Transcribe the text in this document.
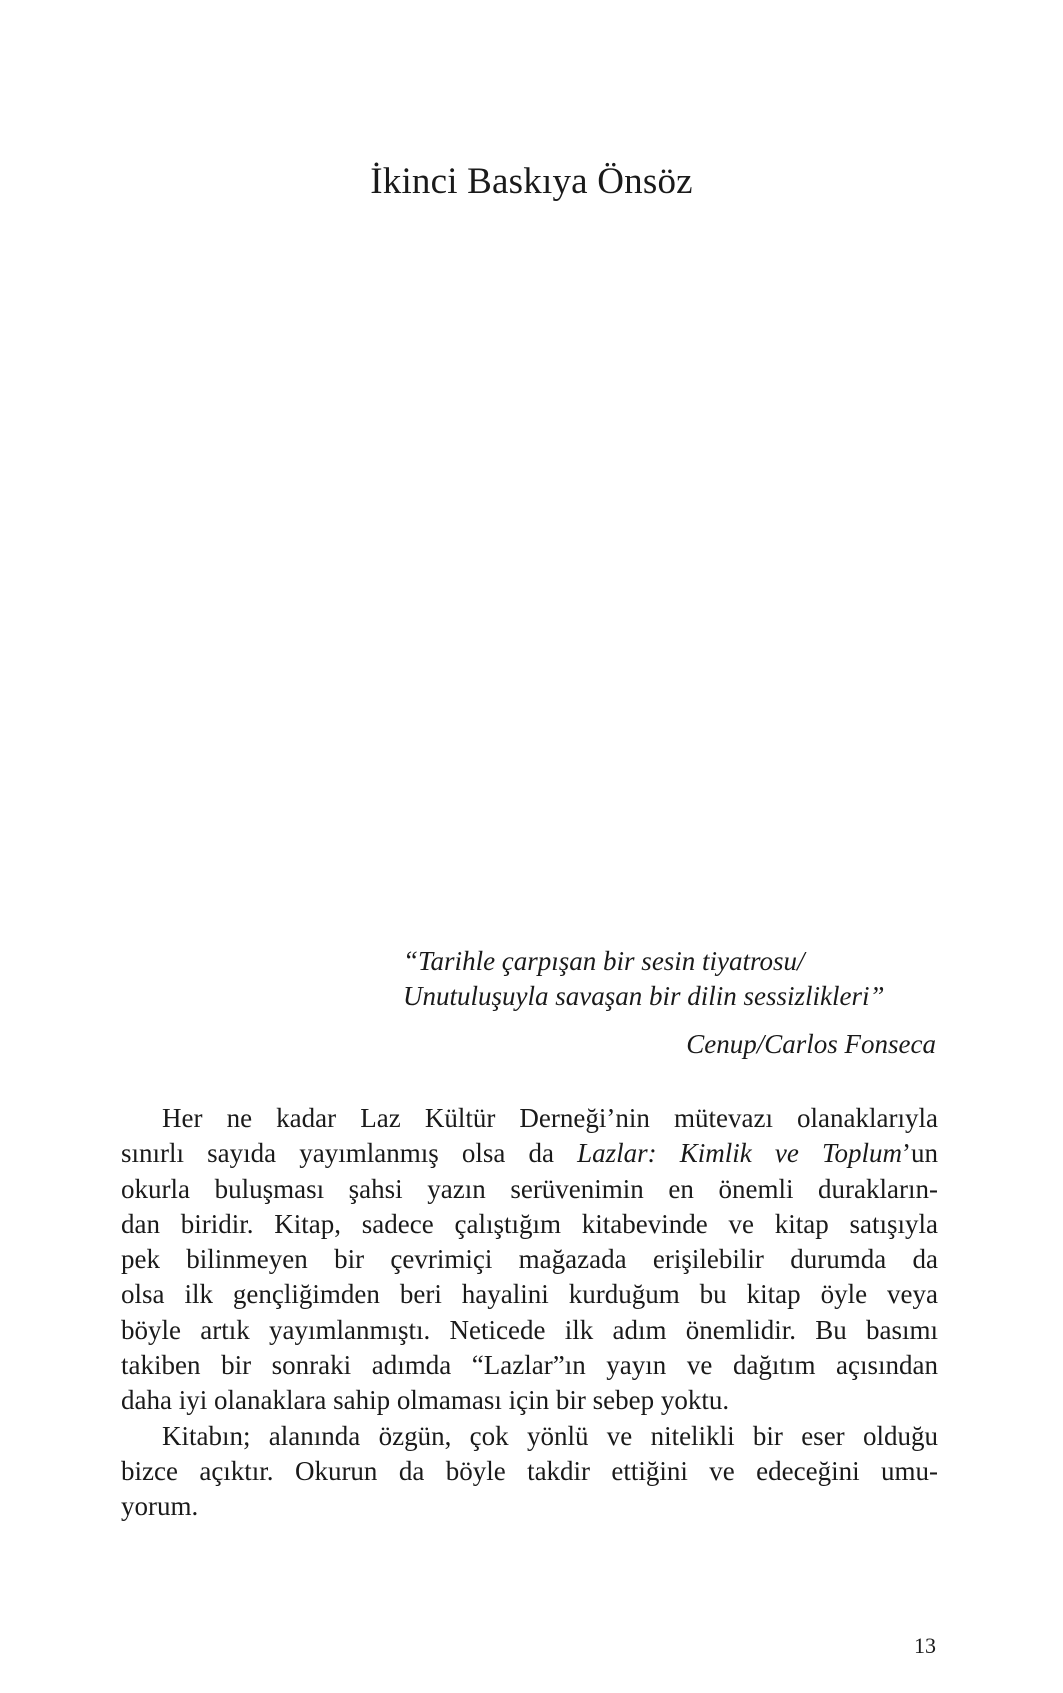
İkinci Baskıya Önsöz
“Tarihle çarpışan bir sesin tiyatrosu/
Unutuluşuyla savaşan bir dilin sessizlikleri”
Cenup/Carlos Fonseca

Her ne kadar Laz Kültür Derneği’nin mütevazı olanaklarıyla
sınırlı sayıda yayımlanmış olsa da Lazlar: Kimlik ve Toplum’un
okurla buluşması şahsi yazın serüvenimin en önemli durakların-
dan biridir. Kitap, sadece çalıştığım kitabevinde ve kitap satışıyla
pek bilinmeyen bir çevrimiçi mağazada erişilebilir durumda da
olsa ilk gençliğimden beri hayalini kurduğum bu kitap öyle veya
böyle artık yayımlanmıştı. Neticede ilk adım önemlidir. Bu basımı
takiben bir sonraki adımda “Lazlar”ın yayın ve dağıtım açısından
daha iyi olanaklara sahip olmaması için bir sebep yoktu.

Kitabın; alanında özgün, çok yönlü ve nitelikli bir eser olduğu
bizce açıktır. Okurun da böyle takdir ettiğini ve edeceğini umu-
yorum.

13
